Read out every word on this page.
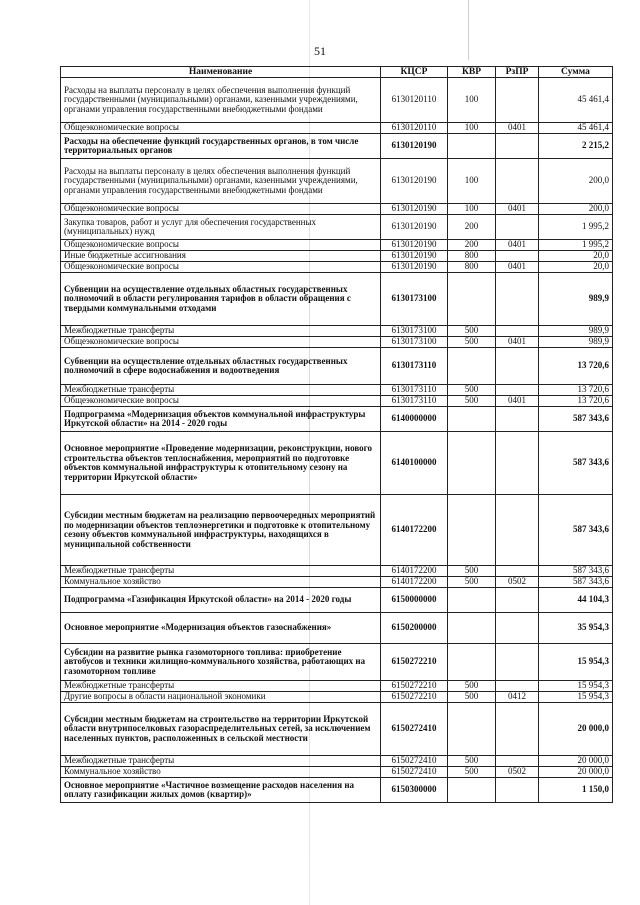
51
Наименование	КЦСР	КВР	РзПР	Сумма
Расходы на выплаты персоналу в целях обеспечения выполнения функций государственными (муниципальными) органами, казенными учреждениями, органами управления государственными внебюджетными фондами	6130120110	100		45 461,4
Общеэкономические вопросы	6130120110	100	0401	45 461,4
Расходы на обеспечение функций государственных органов, в том числе территориальных органов	6130120190			2 215,2
Расходы на выплаты персоналу в целях обеспечения выполнения функций государственными (муниципальными) органами, казенными учреждениями, органами управления государственными внебюджетными фондами	6130120190	100		200,0
Общеэкономические вопросы	6130120190	100	0401	200,0
Закупка товаров, работ и услуг для обеспечения государственных (муниципальных) нужд	6130120190	200		1 995,2
Общеэкономические вопросы	6130120190	200	0401	1 995,2
Иные бюджетные ассигнования	6130120190	800		20,0
Общеэкономические вопросы	6130120190	800	0401	20,0
Субвенции на осуществление отдельных областных государственных полномочий в области регулирования тарифов в области обращения с твердыми коммунальными отходами	6130173100			989,9
Межбюджетные трансферты	6130173100	500		989,9
Общеэкономические вопросы	6130173100	500	0401	989,9
Субвенции на осуществление отдельных областных государственных полномочий в сфере водоснабжения и водоотведения	6130173110			13 720,6
Межбюджетные трансферты	6130173110	500		13 720,6
Общеэкономические вопросы	6130173110	500	0401	13 720,6
Подпрограмма «Модернизация объектов коммунальной инфраструктуры Иркутской области» на 2014 - 2020 годы	6140000000			587 343,6
Основное мероприятие «Проведение модернизации, реконструкции, нового строительства объектов теплоснабжения, мероприятий по подготовке объектов коммунальной инфраструктуры к отопительному сезону на территории Иркутской области»	6140100000			587 343,6
Субсидии местным бюджетам на реализацию первоочередных мероприятий по модернизации объектов теплоэнергетики и подготовке к отопительному сезону объектов коммунальной инфраструктуры, находящихся в муниципальной собственности	6140172200			587 343,6
Межбюджетные трансферты	6140172200	500		587 343,6
Коммунальное хозяйство	6140172200	500	0502	587 343,6
Подпрограмма «Газификация Иркутской области» на 2014 - 2020 годы	6150000000			44 104,3
Основное мероприятие «Модернизация объектов газоснабжения»	6150200000			35 954,3
Субсидии на развитие рынка газомоторного топлива: приобретение автобусов и техники жилищно-коммунального хозяйства, работающих на газомоторном топливе	6150272210			15 954,3
Межбюджетные трансферты	6150272210	500		15 954,3
Другие вопросы в области национальной экономики	6150272210	500	0412	15 954,3
Субсидии местным бюджетам на строительство на территории Иркутской области внутрипоселковых газораспределительных сетей, за исключением населенных пунктов, расположенных в сельской местности	6150272410			20 000,0
Межбюджетные трансферты	6150272410	500		20 000,0
Коммунальное хозяйство	6150272410	500	0502	20 000,0
Основное мероприятие «Частичное возмещение расходов населения на оплату газификации жилых домов (квартир)»	6150300000			1 150,0
